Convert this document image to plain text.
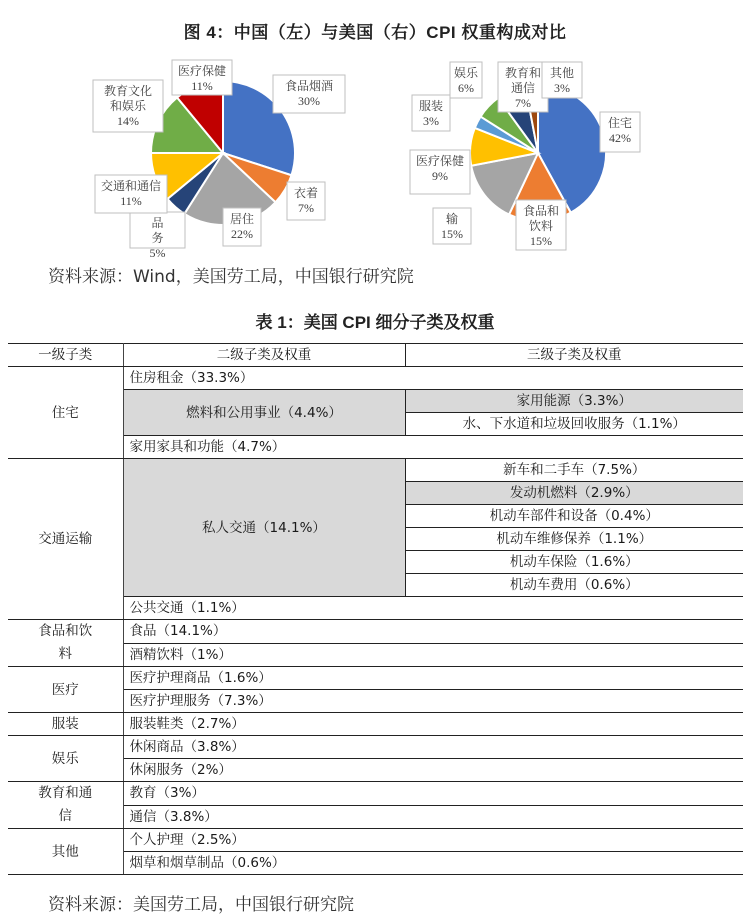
图 4：中国（左）与美国（右）CPI 权重构成对比
食品烟酒
30%
衣着
7%
居住
22%
品
务
5%
交通和通信
11%
教育文化
和娱乐
14%
医疗保健
11%
住宅
42%
食品和
饮料
15%
输
15%
医疗保健
9%
服装
3%
娱乐
6%
教育和
通信
7%
其他
3%
资料来源：Wind，美国劳工局，中国银行研究院
表 1：美国 CPI 细分子类及权重
一级子类	二级子类及权重	三级子类及权重
住宅	住房租金（33.3%）	
	燃料和公用事业（4.4%）	家用能源（3.3%）
		水、下水道和垃圾回收服务（1.1%）
	家用家具和功能（4.7%）	
交通运输	私人交通（14.1%）	新车和二手车（7.5%）
		发动机燃料（2.9%）
		机动车部件和设备（0.4%）
		机动车维修保养（1.1%）
		机动车保险（1.6%）
		机动车费用（0.6%）
	公共交通（1.1%）	
食品和饮料	食品（14.1%）	
	酒精饮料（1%）	
医疗	医疗护理商品（1.6%）	
	医疗护理服务（7.3%）	
服装	服装鞋类（2.7%）	
娱乐	休闲商品（3.8%）	
	休闲服务（2%）	
教育和通信	教育（3%）	
	通信（3.8%）	
其他	个人护理（2.5%）	
	烟草和烟草制品（0.6%）	
资料来源：美国劳工局，中国银行研究院
